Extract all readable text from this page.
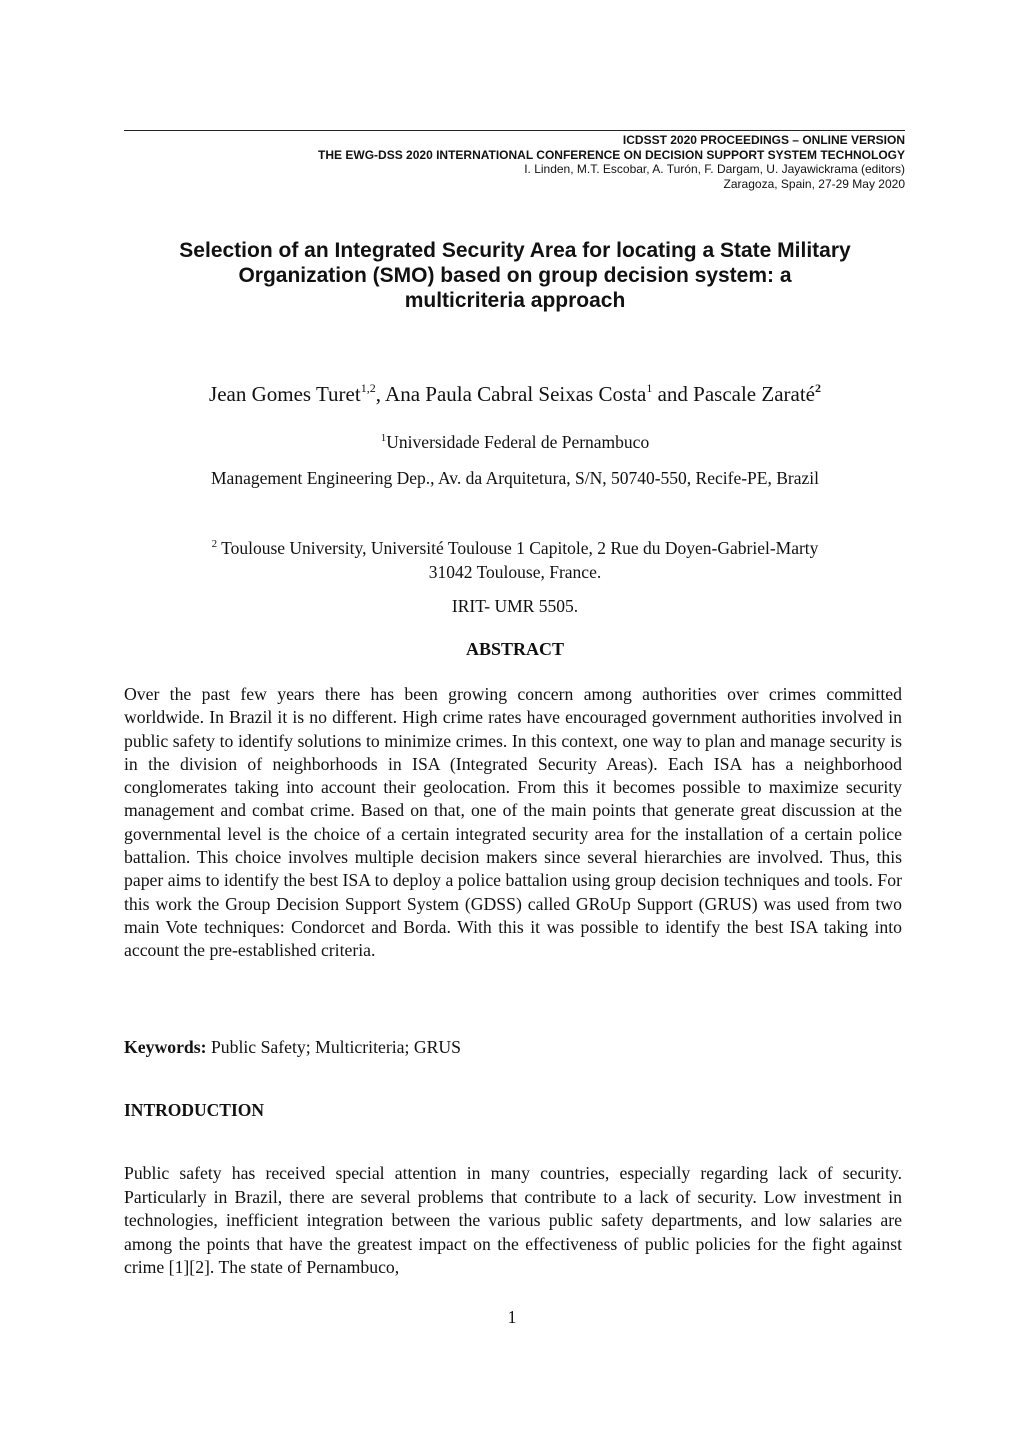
ICDSST 2020 PROCEEDINGS – ONLINE VERSION
THE EWG-DSS 2020 INTERNATIONAL CONFERENCE ON DECISION SUPPORT SYSTEM TECHNOLOGY
I. Linden, M.T. Escobar, A. Turón, F. Dargam, U. Jayawickrama (editors)
Zaragoza, Spain, 27-29 May 2020
Selection of an Integrated Security Area for locating a State Military
Organization (SMO) based on group decision system: a
multicriteria approach
Jean Gomes Turet$^{1,2}$, Ana Paula Cabral Seixas Costa$^1$ and Pascale Zaraté$^2$
$^1$Universidade Federal de Pernambuco
Management Engineering Dep., Av. da Arquitetura, S/N, 50740-550, Recife-PE, Brazil
$^2$ Toulouse University, Université Toulouse 1 Capitole, 2 Rue du Doyen-Gabriel-Marty
31042 Toulouse, France.
IRIT- UMR 5505.
ABSTRACT

Over the past few years there has been growing concern among authorities over crimes committed worldwide. In Brazil it is no different. High crime rates have encouraged government authorities involved in public safety to identify solutions to minimize crimes. In this context, one way to plan and manage security is in the division of neighborhoods in ISA (Integrated Security Areas). Each ISA has a neighborhood conglomerates taking into account their geolocation. From this it becomes possible to maximize security management and combat crime. Based on that, one of the main points that generate great discussion at the governmental level is the choice of a certain integrated security area for the installation of a certain police battalion. This choice involves multiple decision makers since several hierarchies are involved. Thus, this paper aims to identify the best ISA to deploy a police battalion using group decision techniques and tools. For this work the Group Decision Support System (GDSS) called GRoUp Support (GRUS) was used from two main Vote techniques: Condorcet and Borda. With this it was possible to identify the best ISA taking into account the pre-established criteria.

Keywords: Public Safety; Multicriteria; GRUS
INTRODUCTION

Public safety has received special attention in many countries, especially regarding lack of security. Particularly in Brazil, there are several problems that contribute to a lack of security. Low investment in technologies, inefficient integration between the various public safety departments, and low salaries are among the points that have the greatest impact on the effectiveness of public policies for the fight against crime [1][2]. The state of Pernambuco,

1
